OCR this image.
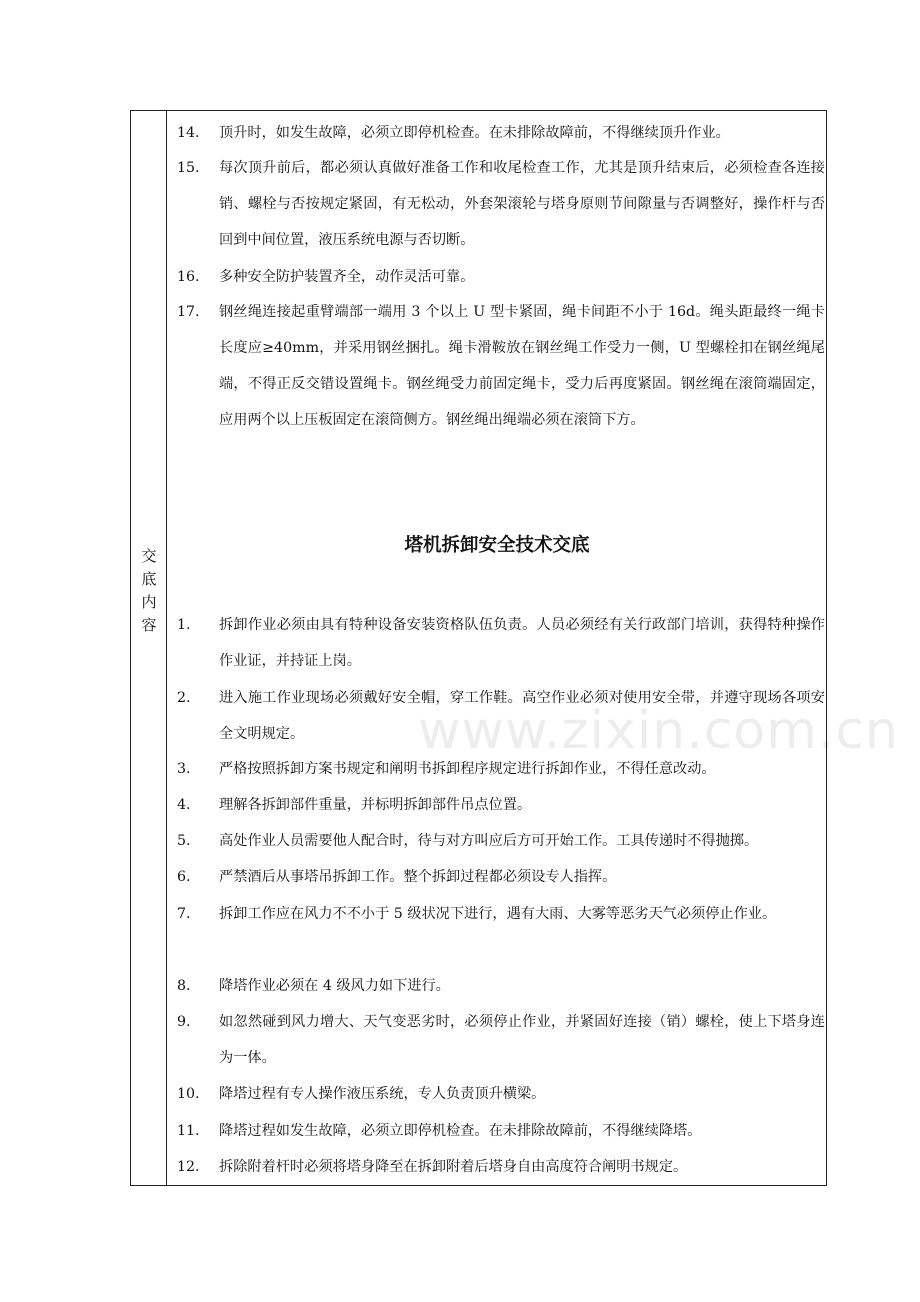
交
底
内
容
14.	顶升时，如发生故障，必须立即停机检查。在未排除故障前，不得继续顶升作业。
15.	每次顶升前后，都必须认真做好准备工作和收尾检查工作，尤其是顶升结束后，必须检查各连接销、螺栓与否按规定紧固，有无松动，外套架滚轮与塔身原则节间隙量与否调整好，操作杆与否回到中间位置，液压系统电源与否切断。
16.	多种安全防护装置齐全，动作灵活可靠。
17.	钢丝绳连接起重臂端部一端用 3 个以上 U 型卡紧固，绳卡间距不小于 16d。绳头距最终一绳卡长度应≥40mm，并采用钢丝捆扎。绳卡滑鞍放在钢丝绳工作受力一侧，U 型螺栓扣在钢丝绳尾端，不得正反交错设置绳卡。钢丝绳受力前固定绳卡，受力后再度紧固。钢丝绳在滚筒端固定，应用两个以上压板固定在滚筒侧方。钢丝绳出绳端必须在滚筒下方。
塔机拆卸安全技术交底
www.zixin.com.cn
1.	拆卸作业必须由具有特种设备安装资格队伍负责。人员必须经有关行政部门培训，获得特种操作作业证，并持证上岗。
2.	进入施工作业现场必须戴好安全帽，穿工作鞋。高空作业必须对使用安全带，并遵守现场各项安全文明规定。
3.	严格按照拆卸方案书规定和阐明书拆卸程序规定进行拆卸作业，不得任意改动。
4.	理解各拆卸部件重量，并标明拆卸部件吊点位置。
5.	高处作业人员需要他人配合时，待与对方叫应后方可开始工作。工具传递时不得抛掷。
6.	严禁酒后从事塔吊拆卸工作。整个拆卸过程都必须设专人指挥。
7.	拆卸工作应在风力不不小于 5 级状况下进行，遇有大雨、大雾等恶劣天气必须停止作业。
8.	降塔作业必须在 4 级风力如下进行。
9.	如忽然碰到风力增大、天气变恶劣时，必须停止作业，并紧固好连接（销）螺栓，使上下塔身连为一体。
10.	降塔过程有专人操作液压系统，专人负责顶升横梁。
11.	降塔过程如发生故障，必须立即停机检查。在未排除故障前，不得继续降塔。
12.	拆除附着杆时必须将塔身降至在拆卸附着后塔身自由高度符合阐明书规定。
